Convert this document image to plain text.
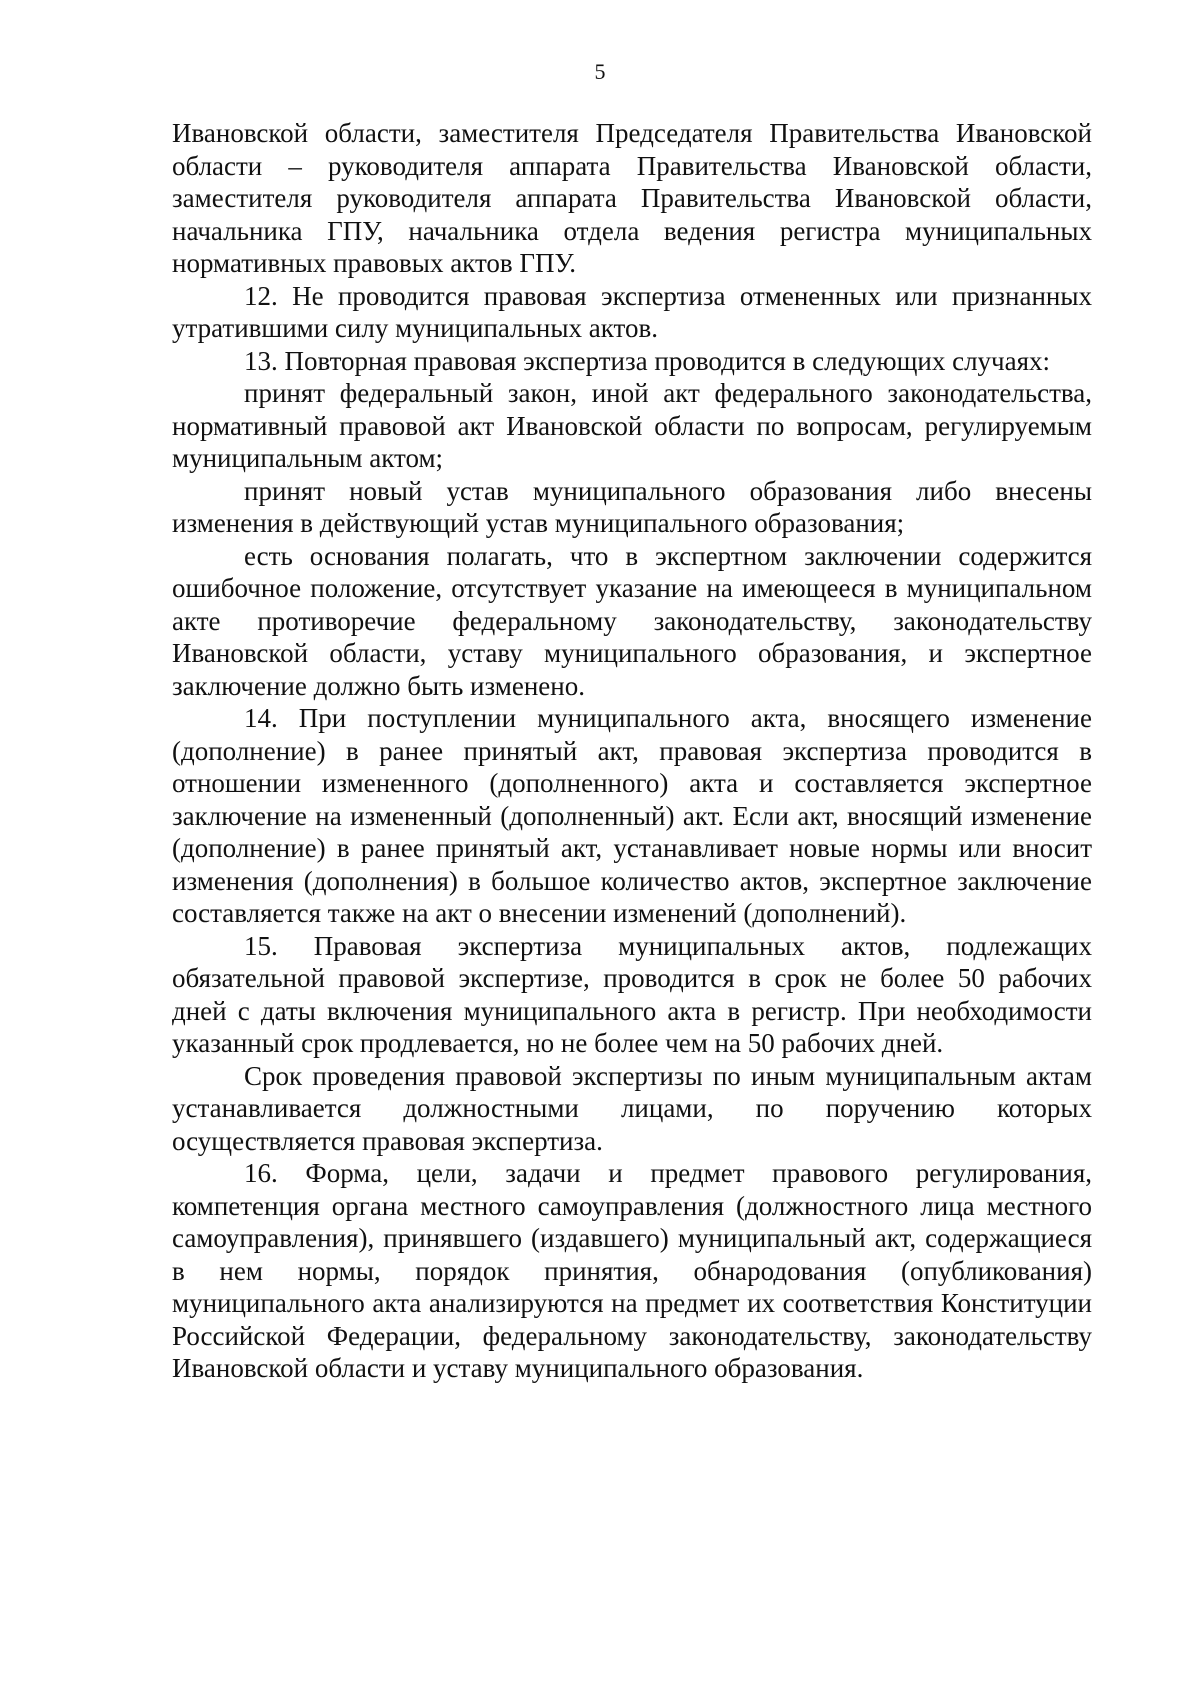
5

Ивановской области, заместителя Председателя Правительства Ивановской области – руководителя аппарата Правительства Ивановской области, заместителя руководителя аппарата Правительства Ивановской области, начальника ГПУ, начальника отдела ведения регистра муниципальных нормативных правовых актов ГПУ.

12. Не проводится правовая экспертиза отмененных или признанных утратившими силу муниципальных актов.

13. Повторная правовая экспертиза проводится в следующих случаях:

принят федеральный закон, иной акт федерального законодательства, нормативный правовой акт Ивановской области по вопросам, регулируемым муниципальным актом;

принят новый устав муниципального образования либо внесены изменения в действующий устав муниципального образования;

есть основания полагать, что в экспертном заключении содержится ошибочное положение, отсутствует указание на имеющееся в муниципальном акте противоречие федеральному законодательству, законодательству Ивановской области, уставу муниципального образования, и экспертное заключение должно быть изменено.

14. При поступлении муниципального акта, вносящего изменение (дополнение) в ранее принятый акт, правовая экспертиза проводится в отношении измененного (дополненного) акта и составляется экспертное заключение на измененный (дополненный) акт. Если акт, вносящий изменение (дополнение) в ранее принятый акт, устанавливает новые нормы или вносит изменения (дополнения) в большое количество актов, экспертное заключение составляется также на акт о внесении изменений (дополнений).

15. Правовая экспертиза муниципальных актов, подлежащих обязательной правовой экспертизе, проводится в срок не более 50 рабочих дней с даты включения муниципального акта в регистр. При необходимости указанный срок продлевается, но не более чем на 50 рабочих дней.

Срок проведения правовой экспертизы по иным муниципальным актам устанавливается должностными лицами, по поручению которых осуществляется правовая экспертиза.

16. Форма, цели, задачи и предмет правового регулирования, компетенция органа местного самоуправления (должностного лица местного самоуправления), принявшего (издавшего) муниципальный акт, содержащиеся в нем нормы, порядок принятия, обнародования (опубликования) муниципального акта анализируются на предмет их соответствия Конституции Российской Федерации, федеральному законодательству, законодательству Ивановской области и уставу муниципального образования.
